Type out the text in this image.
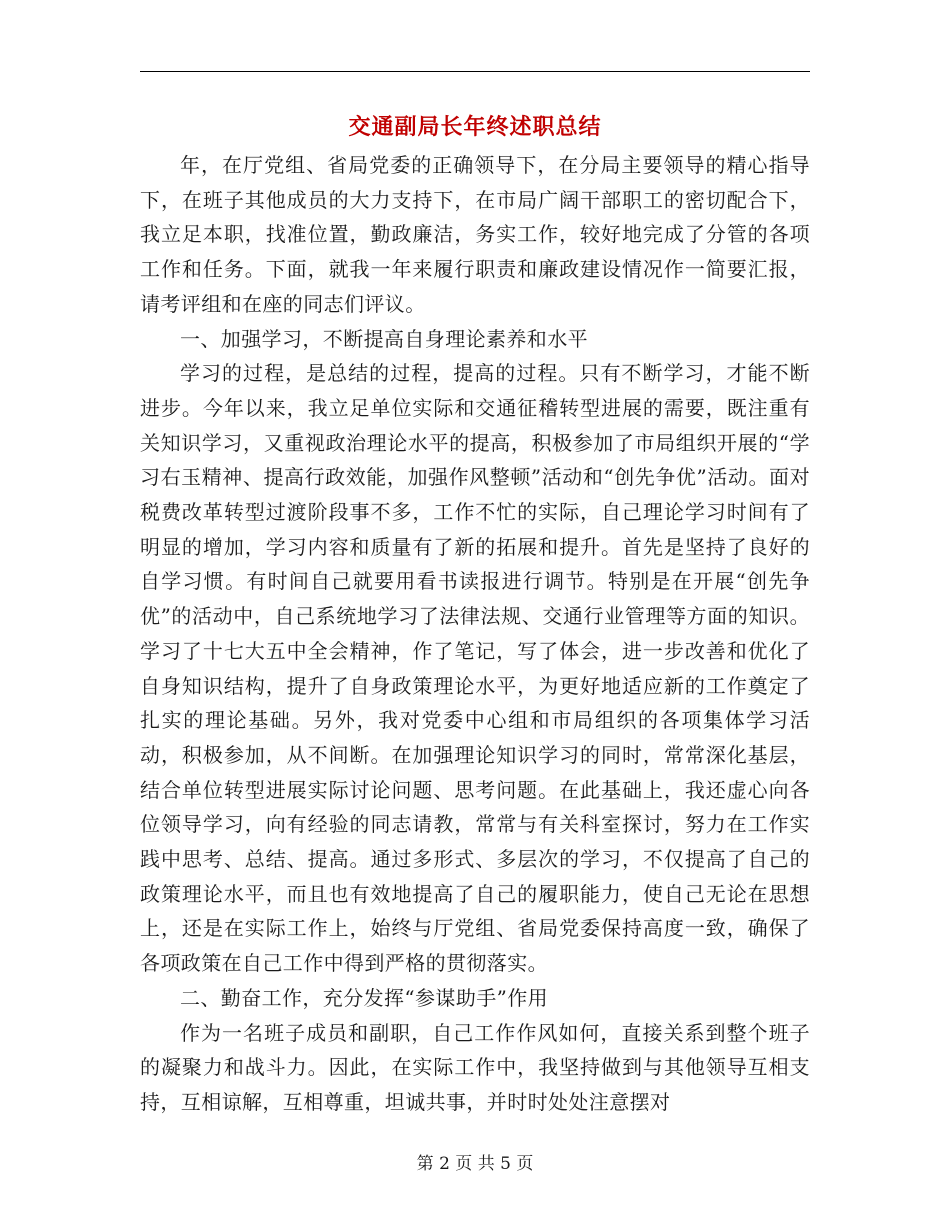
交通副局长年终述职总结

年，在厅党组、省局党委的正确领导下，在分局主要领导的精心指导下，在班子其他成员的大力支持下，在市局广阔干部职工的密切配合下，我立足本职，找准位置，勤政廉洁，务实工作，较好地完成了分管的各项工作和任务。下面，就我一年来履行职责和廉政建设情况作一简要汇报，请考评组和在座的同志们评议。

一、加强学习，不断提高自身理论素养和水平

学习的过程，是总结的过程，提高的过程。只有不断学习，才能不断进步。今年以来，我立足单位实际和交通征稽转型进展的需要，既注重有关知识学习，又重视政治理论水平的提高，积极参加了市局组织开展的“学习右玉精神、提高行政效能，加强作风整顿”活动和“创先争优”活动。面对税费改革转型过渡阶段事不多，工作不忙的实际，自己理论学习时间有了明显的增加，学习内容和质量有了新的拓展和提升。首先是坚持了良好的自学习惯。有时间自己就要用看书读报进行调节。特别是在开展“创先争优”的活动中，自己系统地学习了法律法规、交通行业管理等方面的知识。学习了十七大五中全会精神，作了笔记，写了体会，进一步改善和优化了自身知识结构，提升了自身政策理论水平，为更好地适应新的工作奠定了扎实的理论基础。另外，我对党委中心组和市局组织的各项集体学习活动，积极参加，从不间断。在加强理论知识学习的同时，常常深化基层，结合单位转型进展实际讨论问题、思考问题。在此基础上，我还虚心向各位领导学习，向有经验的同志请教，常常与有关科室探讨，努力在工作实践中思考、总结、提高。通过多形式、多层次的学习，不仅提高了自己的政策理论水平，而且也有效地提高了自己的履职能力，使自己无论在思想上，还是在实际工作上，始终与厅党组、省局党委保持高度一致，确保了各项政策在自己工作中得到严格的贯彻落实。

二、勤奋工作，充分发挥“参谋助手”作用

作为一名班子成员和副职，自己工作作风如何，直接关系到整个班子的凝聚力和战斗力。因此，在实际工作中，我坚持做到与其他领导互相支持，互相谅解，互相尊重，坦诚共事，并时时处处注意摆对

第 2 页 共 5 页
